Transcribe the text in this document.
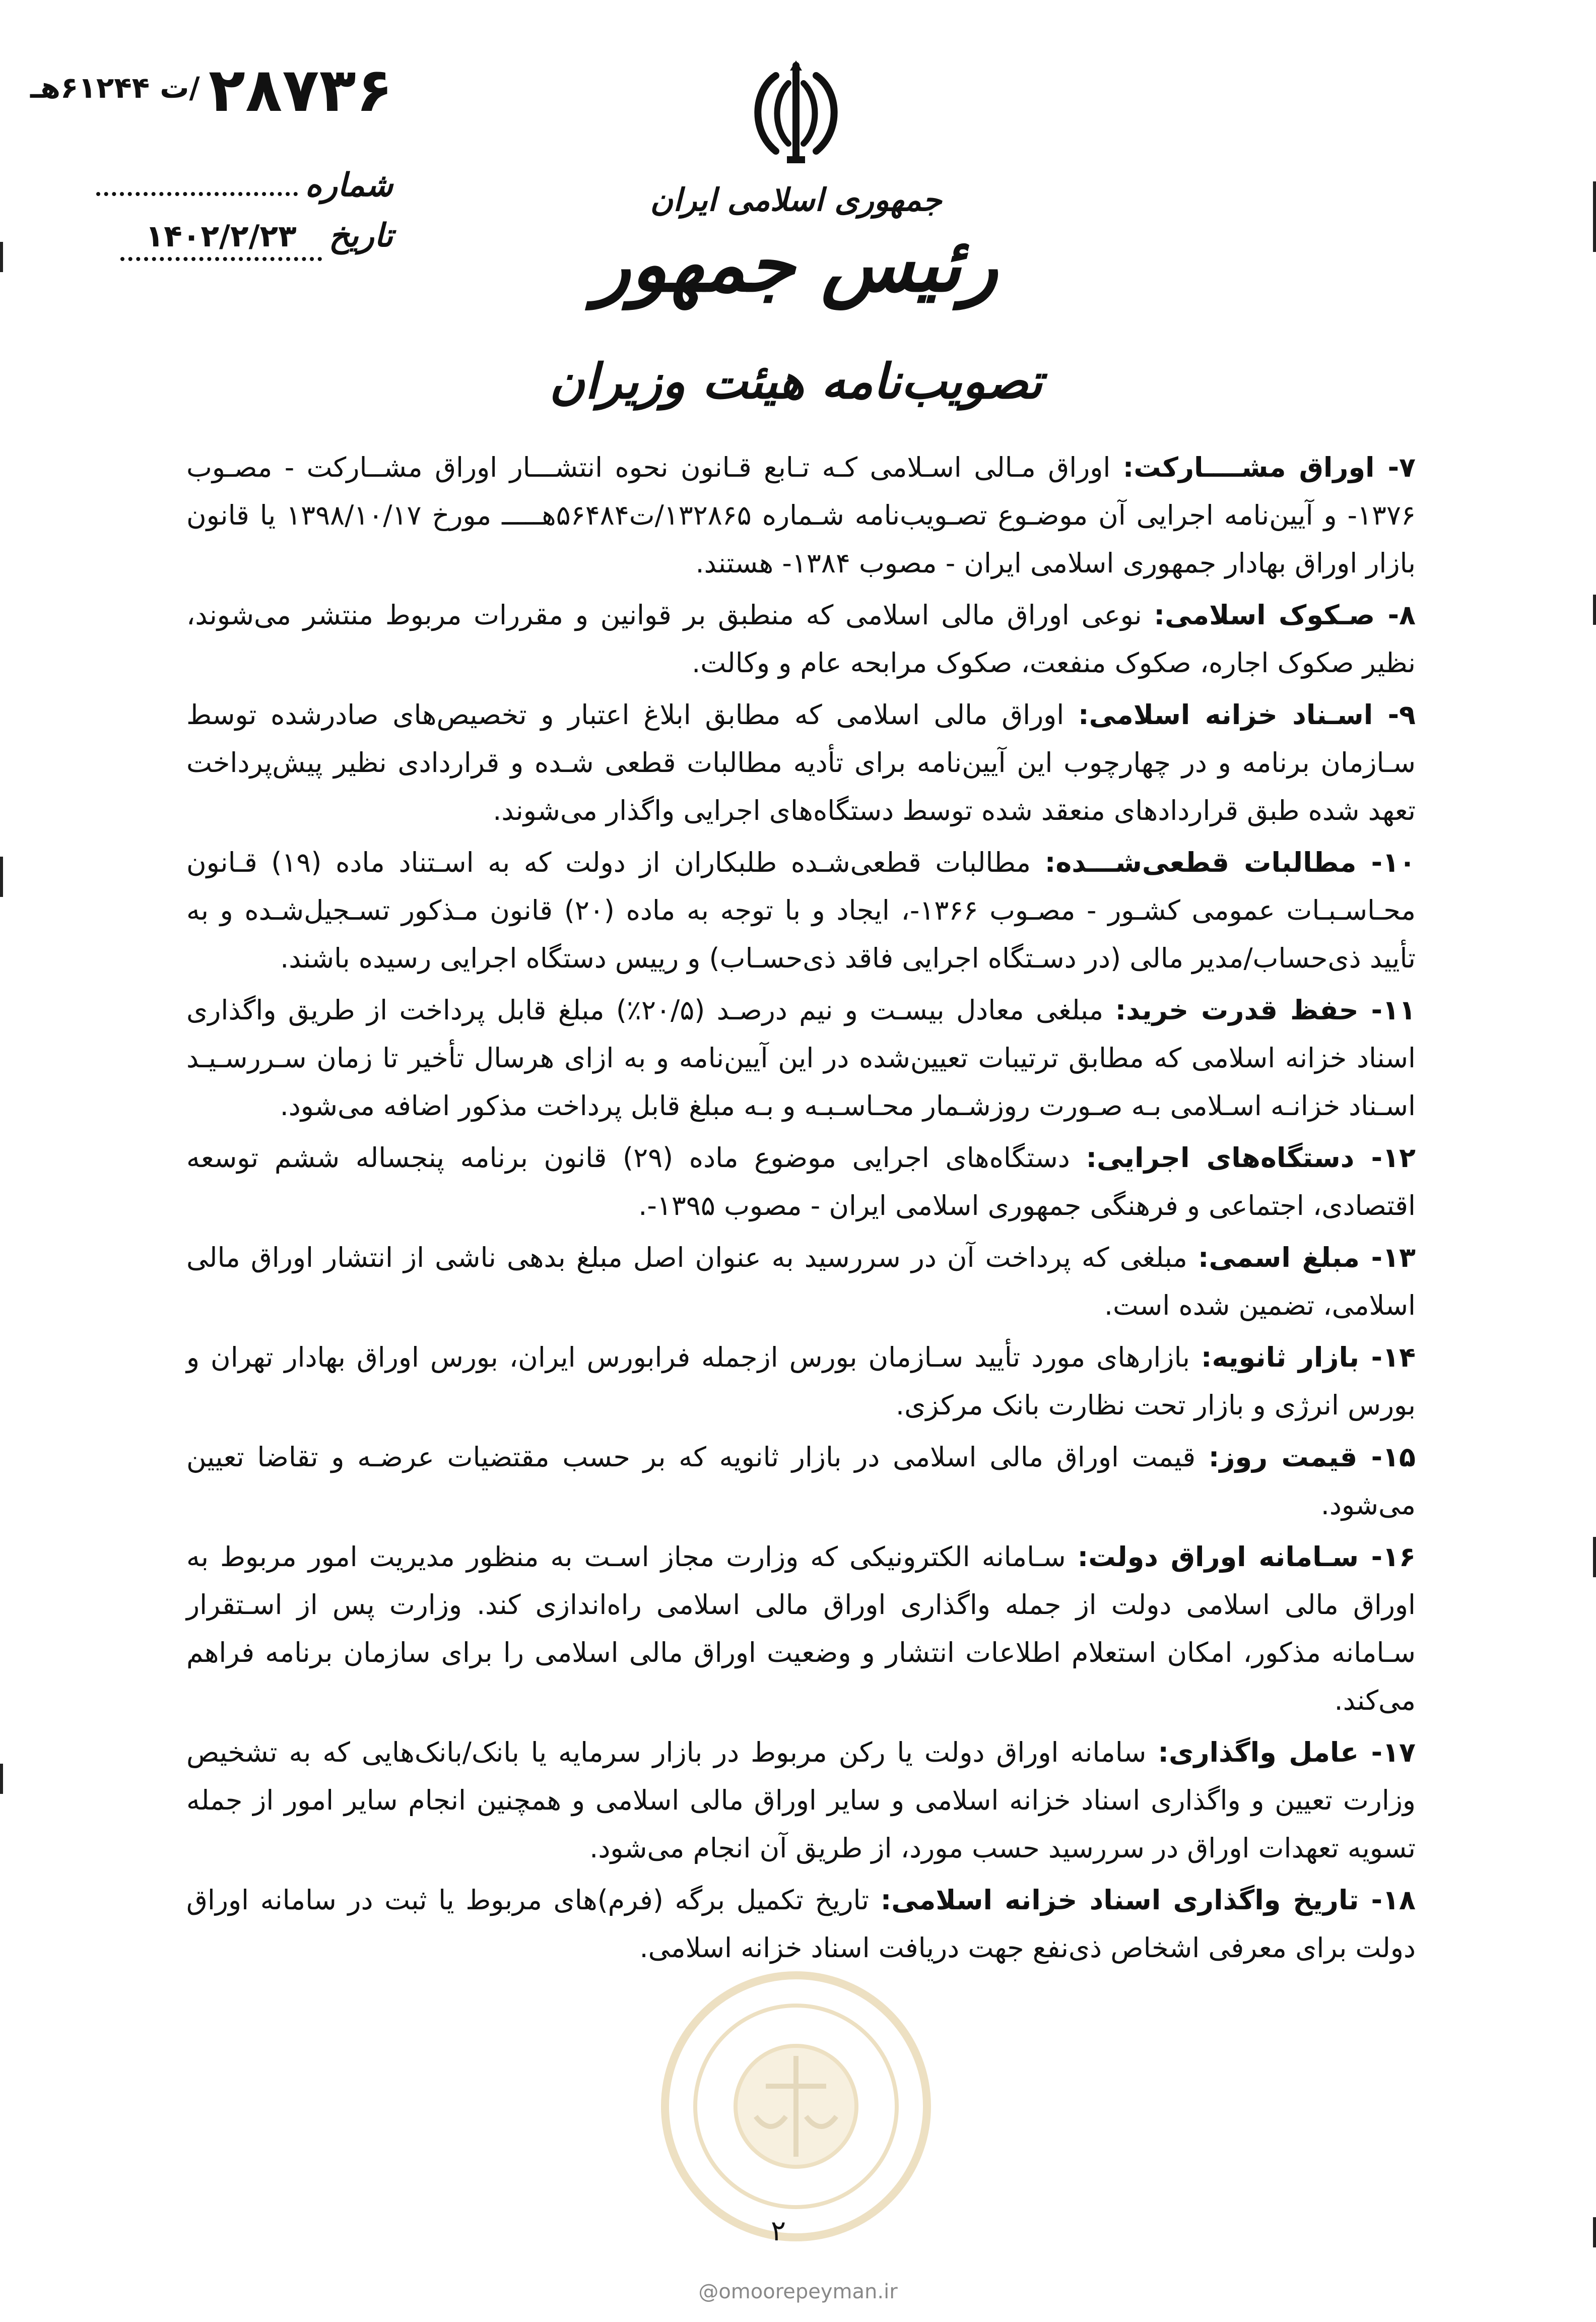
۲۸۷۳۶
/ت ۶۱۲۴۴هـ
شماره
تاریخ
۱۴۰۲/۲/۲۳
جمهوری اسلامی ایران
رئیس جمهور
تصویب‌نامه هیئت وزیران

۷- اوراق مشــــارکت: اوراق مـالی اسـلامی کـه تـابع قـانون نحوه انتشـــار اوراق مشــارکت - مصـوب ۱۳۷۶- و آیین‌نامه اجرایی آن موضـوع تصـویب‌نامه شـماره ۱۳۲۸۶۵/ت۵۶۴۸۴هـــــ مورخ ۱۳۹۸/۱۰/۱۷ یا قانون بازار اوراق بهادار جمهوری اسلامی ایران - مصوب ۱۳۸۴- هستند.

۸- صـکوک اسلامی: نوعی اوراق مالی اسلامی که منطبق بر قوانین و مقررات مربوط منتشر می‌شوند، نظیر صکوک اجاره، صکوک منفعت، صکوک مرابحه عام و وکالت.

۹- اسـناد خزانه اسلامی: اوراق مالی اسلامی که مطابق ابلاغ اعتبار و تخصیص‌های صادرشده توسط سـازمان برنامه و در چهارچوب این آیین‌نامه برای تأدیه مطالبات قطعی شـده و قراردادی نظیر پیش‌پرداخت تعهد شده طبق قراردادهای منعقد شده توسط دستگاه‌های اجرایی واگذار می‌شوند.

۱۰- مطالبات قطعی‌شـــده: مطالبات قطعی‌شـده طلبکاران از دولت که به اسـتناد ماده (۱۹) قـانون محـاسـبـات عمومی کشـور - مصـوب ۱۳۶۶-، ایجاد و با توجه به ماده (۲۰) قانون مـذکور تسـجیل‌شـده و به تأیید ذی‌حساب/مدیر مالی (در دسـتگاه اجرایی فاقد ذی‌حسـاب) و رییس دستگاه اجرایی رسیده باشند.

۱۱- حفظ قدرت خرید: مبلغی معادل بیسـت و نیم درصـد (۲۰/۵٪) مبلغ قابل پرداخت از طریق واگذاری اسناد خزانه اسلامی که مطابق ترتیبات تعیین‌شده در این آیین‌نامه و به ازای هرسال تأخیر تا زمان سـررسـیـد اسـناد خزانـه اسـلامی بـه صـورت روزشـمار محـاسـبـه و بـه مبلغ قابل پرداخت مذکور اضافه می‌شود.

۱۲- دستگاه‌های اجرایی: دستگاه‌های اجرایی موضوع ماده (۲۹) قانون برنامه پنجساله ششم توسعه اقتصادی، اجتماعی و فرهنگی جمهوری اسلامی ایران - مصوب ۱۳۹۵-.

۱۳- مبلغ اسمی: مبلغی که پرداخت آن در سررسید به عنوان اصل مبلغ بدهی ناشی از انتشار اوراق مالی اسلامی، تضمین شده است.

۱۴- بازار ثانویه: بازارهای مورد تأیید سـازمان بورس ازجمله فرابورس ایران، بورس اوراق بهادار تهران و بورس انرژی و بازار تحت نظارت بانک مرکزی.

۱۵- قیمت روز: قیمت اوراق مالی اسلامی در بازار ثانویه که بر حسب مقتضیات عرضـه و تقاضا تعیین می‌شود.

۱۶- سـامانه اوراق دولت: سـامانه الکترونیکی که وزارت مجاز اسـت به منظور مدیریت امور مربوط به اوراق مالی اسلامی دولت از جمله واگذاری اوراق مالی اسلامی راه‌اندازی کند. وزارت پس از اسـتقرار سـامانه مذکور، امکان استعلام اطلاعات انتشار و وضعیت اوراق مالی اسلامی را برای سازمان برنامه فراهم می‌کند.

۱۷- عامل واگذاری: سامانه اوراق دولت یا رکن مربوط در بازار سرمایه یا بانک/بانک‌هایی که به تشخیص وزارت تعیین و واگذاری اسناد خزانه اسلامی و سایر اوراق مالی اسلامی و همچنین انجام سایر امور از جمله تسویه تعهدات اوراق در سررسید حسب مورد، از طریق آن انجام می‌شود.

۱۸- تاریخ واگذاری اسناد خزانه اسلامی: تاریخ تکمیل برگه (فرم)های مربوط یا ثبت در سامانه اوراق دولت برای معرفی اشخاص ذی‌نفع جهت دریافت اسناد خزانه اسلامی.

۲
@omoorepeyman.ir
